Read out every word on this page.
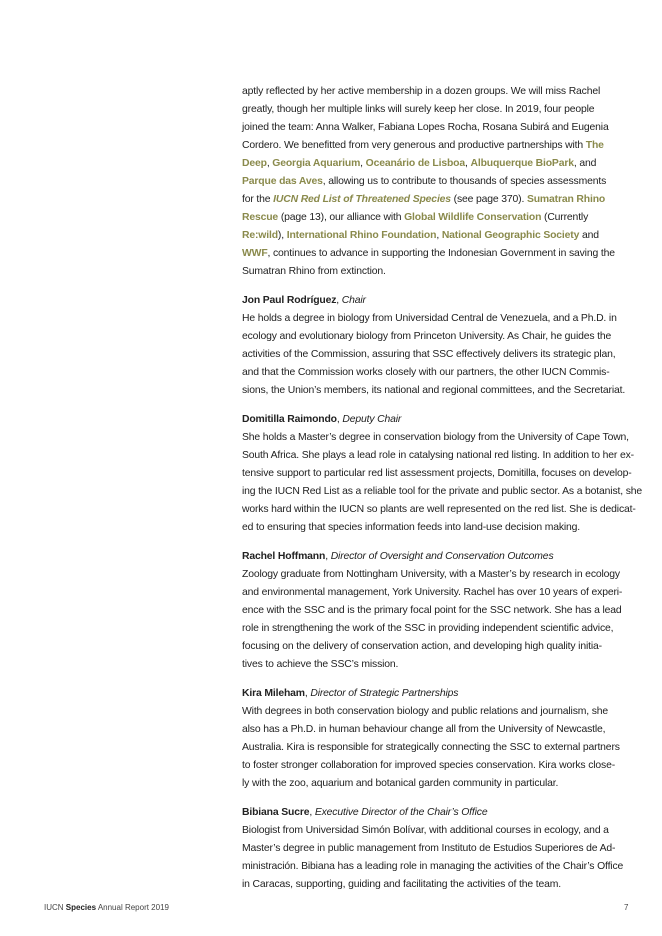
aptly reflected by her active membership in a dozen groups. We will miss Rachel
greatly, though her multiple links will surely keep her close. In 2019, four people
joined the team: Anna Walker, Fabiana Lopes Rocha, Rosana Subirá and Eugenia
Cordero. We benefitted from very generous and productive partnerships with The
Deep, Georgia Aquarium, Oceanário de Lisboa, Albuquerque BioPark, and
Parque das Aves, allowing us to contribute to thousands of species assessments
for the IUCN Red List of Threatened Species (see page 370). Sumatran Rhino
Rescue (page 13), our alliance with Global Wildlife Conservation (Currently
Re:wild), International Rhino Foundation, National Geographic Society and
WWF, continues to advance in supporting the Indonesian Government in saving the
Sumatran Rhino from extinction.
Jon Paul Rodríguez, Chair
He holds a degree in biology from Universidad Central de Venezuela, and a Ph.D. in
ecology and evolutionary biology from Princeton University. As Chair, he guides the
activities of the Commission, assuring that SSC effectively delivers its strategic plan,
and that the Commission works closely with our partners, the other IUCN Commis-
sions, the Union’s members, its national and regional committees, and the Secretariat.
Domitilla Raimondo, Deputy Chair
She holds a Master’s degree in conservation biology from the University of Cape Town,
South Africa. She plays a lead role in catalysing national red listing. In addition to her ex-
tensive support to particular red list assessment projects, Domitilla, focuses on develop-
ing the IUCN Red List as a reliable tool for the private and public sector. As a botanist, she
works hard within the IUCN so plants are well represented on the red list. She is dedicat-
ed to ensuring that species information feeds into land-use decision making.
Rachel Hoffmann, Director of Oversight and Conservation Outcomes
Zoology graduate from Nottingham University, with a Master’s by research in ecology
and environmental management, York University. Rachel has over 10 years of experi-
ence with the SSC and is the primary focal point for the SSC network. She has a lead
role in strengthening the work of the SSC in providing independent scientific advice,
focusing on the delivery of conservation action, and developing high quality initia-
tives to achieve the SSC’s mission.
Kira Mileham, Director of Strategic Partnerships
With degrees in both conservation biology and public relations and journalism, she
also has a Ph.D. in human behaviour change all from the University of Newcastle,
Australia. Kira is responsible for strategically connecting the SSC to external partners
to foster stronger collaboration for improved species conservation. Kira works close-
ly with the zoo, aquarium and botanical garden community in particular.
Bibiana Sucre, Executive Director of the Chair’s Office
Biologist from Universidad Simón Bolívar, with additional courses in ecology, and a
Master’s degree in public management from Instituto de Estudios Superiores de Ad-
ministración. Bibiana has a leading role in managing the activities of the Chair’s Office
in Caracas, supporting, guiding and facilitating the activities of the team.
IUCN Species Annual Report 2019	7
